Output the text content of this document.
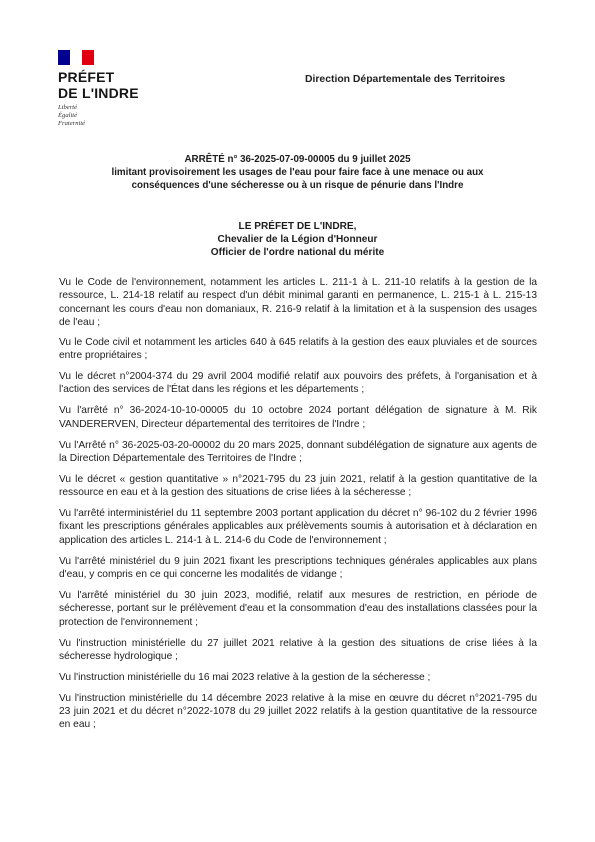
PRÉFET
DE L'INDRE
Liberté
Égalité
Fraternité
Direction Départementale des Territoires
ARRÊTÉ n° 36-2025-07-09-00005 du 9 juillet 2025
limitant provisoirement les usages de l'eau pour faire face à une menace ou aux
conséquences d'une sécheresse ou à un risque de pénurie dans l'Indre
LE PRÉFET DE L'INDRE,
Chevalier de la Légion d'Honneur
Officier de l'ordre national du mérite

Vu le Code de l'environnement, notamment les articles L. 211-1 à L. 211-10 relatifs à la gestion de la ressource, L. 214-18 relatif au respect d'un débit minimal garanti en permanence, L. 215-1 à L. 215-13 concernant les cours d'eau non domaniaux, R. 216-9 relatif à la limitation et à la suspension des usages de l'eau ;

Vu le Code civil et notamment les articles 640 à 645 relatifs à la gestion des eaux pluviales et de sources entre propriétaires ;

Vu le décret n°2004-374 du 29 avril 2004 modifié relatif aux pouvoirs des préfets, à l'organisation et à l'action des services de l'État dans les régions et les départements ;

Vu l'arrêté n° 36-2024-10-10-00005 du 10 octobre 2024 portant délégation de signature à M. Rik VANDERERVEN, Directeur départemental des territoires de l'Indre ;

Vu l'Arrêté n° 36-2025-03-20-00002 du 20 mars 2025, donnant subdélégation de signature aux agents de la Direction Départementale des Territoires de l'Indre ;

Vu le décret « gestion quantitative » n°2021-795 du 23 juin 2021, relatif à la gestion quantitative de la ressource en eau et à la gestion des situations de crise liées à la sécheresse ;

Vu l'arrêté interministériel du 11 septembre 2003 portant application du décret n° 96-102 du 2 février 1996 fixant les prescriptions générales applicables aux prélèvements soumis à autorisation et à déclaration en application des articles L. 214-1 à L. 214-6 du Code de l'environnement ;

Vu l'arrêté ministériel du 9 juin 2021 fixant les prescriptions techniques générales applicables aux plans d'eau, y compris en ce qui concerne les modalités de vidange ;

Vu l'arrêté ministériel du 30 juin 2023, modifié, relatif aux mesures de restriction, en période de sécheresse, portant sur le prélèvement d'eau et la consommation d'eau des installations classées pour la protection de l'environnement ;

Vu l'instruction ministérielle du 27 juillet 2021 relative à la gestion des situations de crise liées à la sécheresse hydrologique ;

Vu l'instruction ministérielle du 16 mai 2023 relative à la gestion de la sécheresse ;

Vu l'instruction ministérielle du 14 décembre 2023 relative à la mise en œuvre du décret n°2021-795 du 23 juin 2021 et du décret n°2022-1078 du 29 juillet 2022 relatifs à la gestion quantitative de la ressource en eau ;
